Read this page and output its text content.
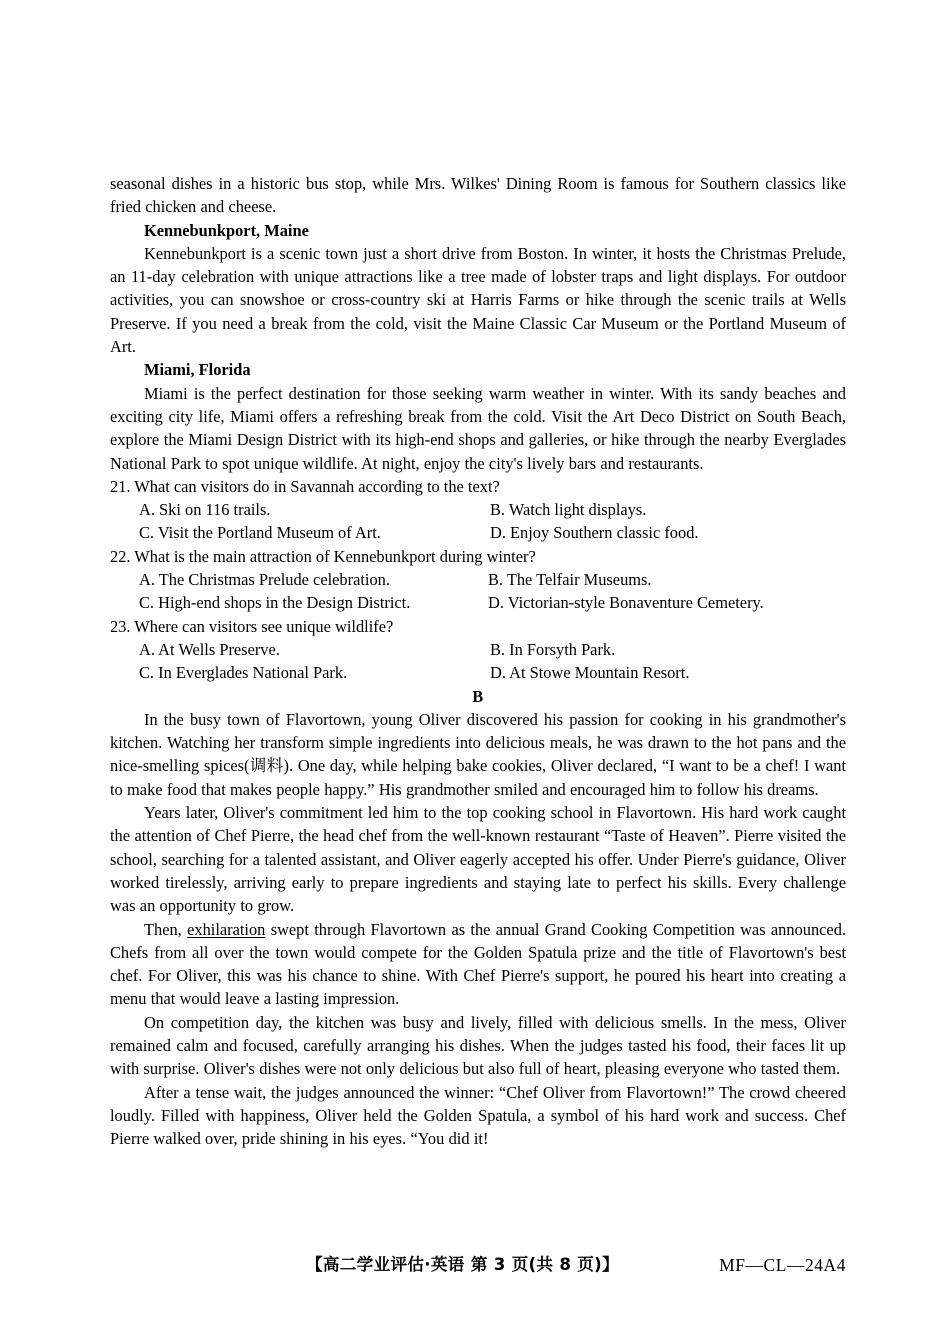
seasonal dishes in a historic bus stop, while Mrs. Wilkes' Dining Room is famous for Southern classics like fried chicken and cheese.

Kennebunkport, Maine

Kennebunkport is a scenic town just a short drive from Boston. In winter, it hosts the Christmas Prelude, an 11-day celebration with unique attractions like a tree made of lobster traps and light displays. For outdoor activities, you can snowshoe or cross-country ski at Harris Farms or hike through the scenic trails at Wells Preserve. If you need a break from the cold, visit the Maine Classic Car Museum or the Portland Museum of Art.

Miami, Florida

Miami is the perfect destination for those seeking warm weather in winter. With its sandy beaches and exciting city life, Miami offers a refreshing break from the cold. Visit the Art Deco District on South Beach, explore the Miami Design District with its high-end shops and galleries, or hike through the nearby Everglades National Park to spot unique wildlife. At night, enjoy the city's lively bars and restaurants.

21. What can visitors do in Savannah according to the text?
A. Ski on 116 trails.	B. Watch light displays.
C. Visit the Portland Museum of Art.	D. Enjoy Southern classic food.
22. What is the main attraction of Kennebunkport during winter?
A. The Christmas Prelude celebration.	B. The Telfair Museums.
C. High-end shops in the Design District.	D. Victorian-style Bonaventure Cemetery.
23. Where can visitors see unique wildlife?
A. At Wells Preserve.	B. In Forsyth Park.
C. In Everglades National Park.	D. At Stowe Mountain Resort.

B

In the busy town of Flavortown, young Oliver discovered his passion for cooking in his grandmother's kitchen. Watching her transform simple ingredients into delicious meals, he was drawn to the hot pans and the nice-smelling spices(调料). One day, while helping bake cookies, Oliver declared, “I want to be a chef! I want to make food that makes people happy.” His grandmother smiled and encouraged him to follow his dreams.

Years later, Oliver's commitment led him to the top cooking school in Flavortown. His hard work caught the attention of Chef Pierre, the head chef from the well-known restaurant “Taste of Heaven”. Pierre visited the school, searching for a talented assistant, and Oliver eagerly accepted his offer. Under Pierre's guidance, Oliver worked tirelessly, arriving early to prepare ingredients and staying late to perfect his skills. Every challenge was an opportunity to grow.

Then, exhilaration swept through Flavortown as the annual Grand Cooking Competition was announced. Chefs from all over the town would compete for the Golden Spatula prize and the title of Flavortown's best chef. For Oliver, this was his chance to shine. With Chef Pierre's support, he poured his heart into creating a menu that would leave a lasting impression.

On competition day, the kitchen was busy and lively, filled with delicious smells. In the mess, Oliver remained calm and focused, carefully arranging his dishes. When the judges tasted his food, their faces lit up with surprise. Oliver's dishes were not only delicious but also full of heart, pleasing everyone who tasted them.

After a tense wait, the judges announced the winner: “Chef Oliver from Flavortown!” The crowd cheered loudly. Filled with happiness, Oliver held the Golden Spatula, a symbol of his hard work and success. Chef Pierre walked over, pride shining in his eyes. “You did it!

【高二学业评估·英语 第 3 页(共 8 页)】	MF—CL—24A4
